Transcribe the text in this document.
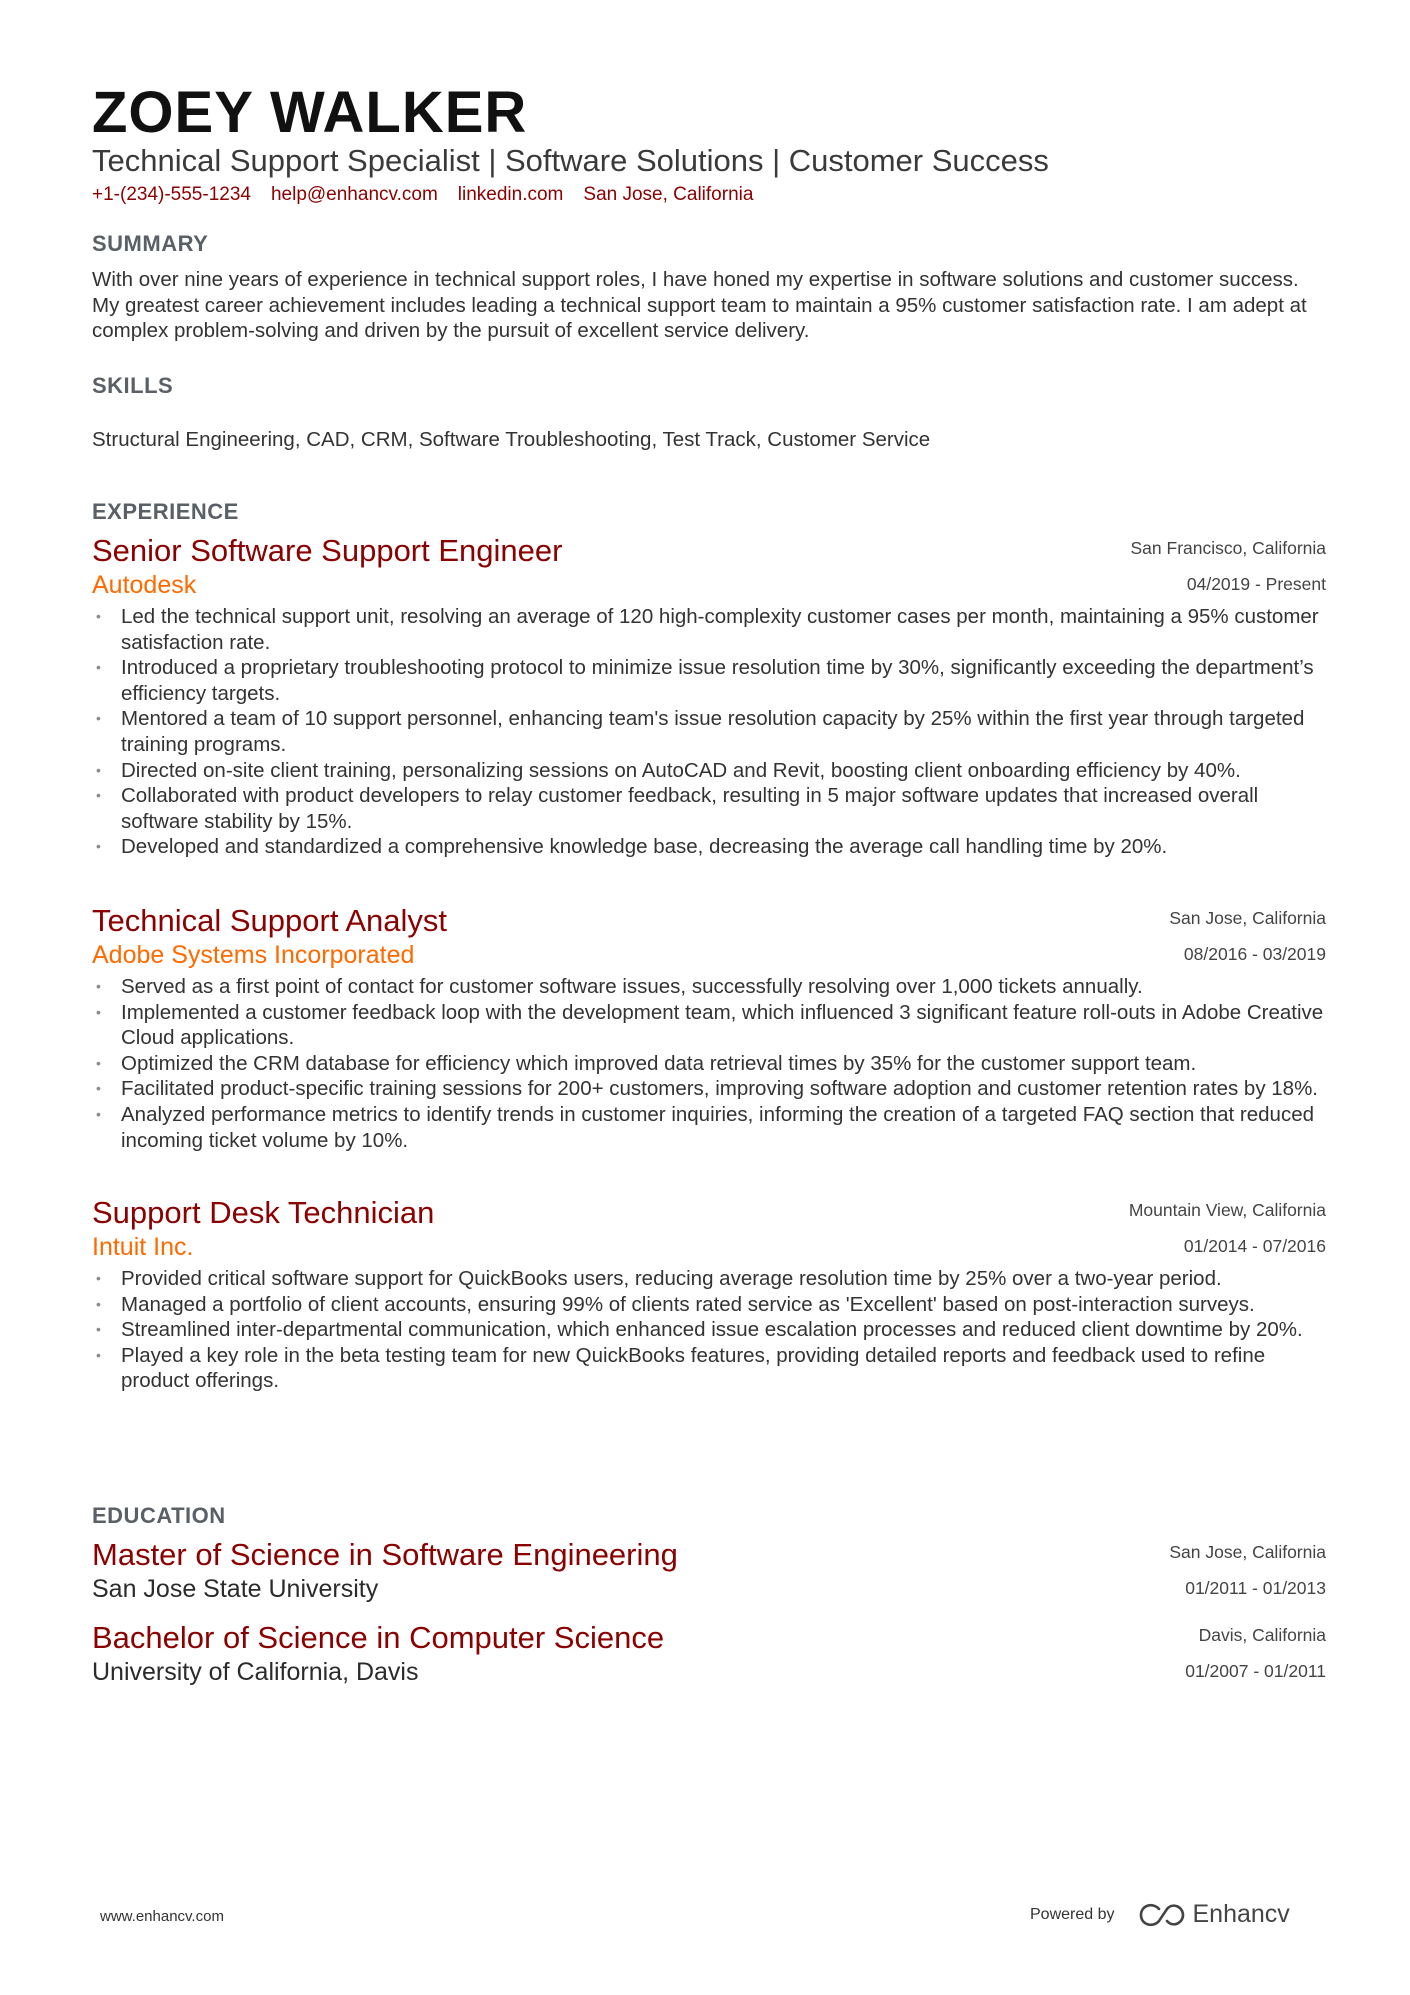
ZOEY WALKER
Technical Support Specialist | Software Solutions | Customer Success
+1-(234)-555-1234 help@enhancv.com linkedin.com San Jose, California
SUMMARY
With over nine years of experience in technical support roles, I have honed my expertise in software solutions and customer success. My greatest career achievement includes leading a technical support team to maintain a 95% customer satisfaction rate. I am adept at complex problem-solving and driven by the pursuit of excellent service delivery.
SKILLS
Structural Engineering, CAD, CRM, Software Troubleshooting, Test Track, Customer Service
EXPERIENCE
Senior Software Support Engineer
Autodesk
San Francisco, California
04/2019 - Present
• Led the technical support unit, resolving an average of 120 high-complexity customer cases per month, maintaining a 95% customer satisfaction rate.
• Introduced a proprietary troubleshooting protocol to minimize issue resolution time by 30%, significantly exceeding the department’s efficiency targets.
• Mentored a team of 10 support personnel, enhancing team's issue resolution capacity by 25% within the first year through targeted training programs.
• Directed on-site client training, personalizing sessions on AutoCAD and Revit, boosting client onboarding efficiency by 40%.
• Collaborated with product developers to relay customer feedback, resulting in 5 major software updates that increased overall software stability by 15%.
• Developed and standardized a comprehensive knowledge base, decreasing the average call handling time by 20%.
Technical Support Analyst
Adobe Systems Incorporated
San Jose, California
08/2016 - 03/2019
• Served as a first point of contact for customer software issues, successfully resolving over 1,000 tickets annually.
• Implemented a customer feedback loop with the development team, which influenced 3 significant feature roll-outs in Adobe Creative Cloud applications.
• Optimized the CRM database for efficiency which improved data retrieval times by 35% for the customer support team.
• Facilitated product-specific training sessions for 200+ customers, improving software adoption and customer retention rates by 18%.
• Analyzed performance metrics to identify trends in customer inquiries, informing the creation of a targeted FAQ section that reduced incoming ticket volume by 10%.
Support Desk Technician
Intuit Inc.
Mountain View, California
01/2014 - 07/2016
• Provided critical software support for QuickBooks users, reducing average resolution time by 25% over a two-year period.
• Managed a portfolio of client accounts, ensuring 99% of clients rated service as 'Excellent' based on post-interaction surveys.
• Streamlined inter-departmental communication, which enhanced issue escalation processes and reduced client downtime by 20%.
• Played a key role in the beta testing team for new QuickBooks features, providing detailed reports and feedback used to refine product offerings.
EDUCATION
Master of Science in Software Engineering
San Jose State University
San Jose, California
01/2011 - 01/2013
Bachelor of Science in Computer Science
University of California, Davis
Davis, California
01/2007 - 01/2011
www.enhancv.com	Powered by	Enhancv
